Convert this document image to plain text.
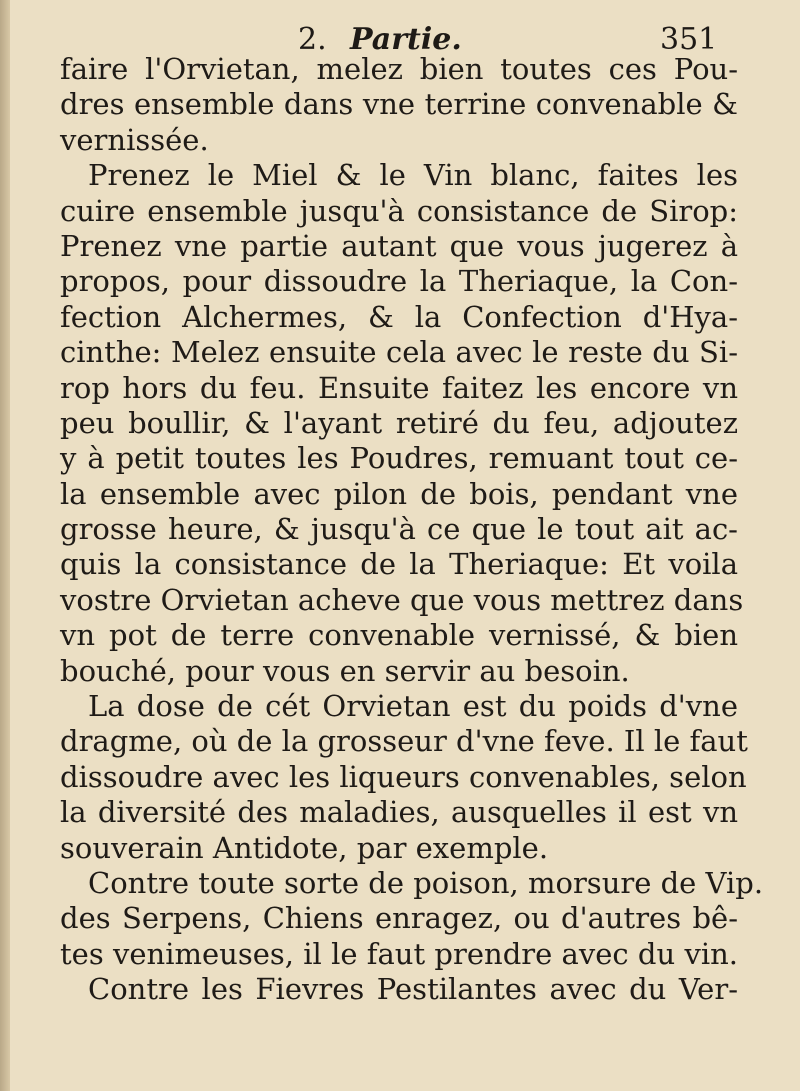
2. Partie.	351
faire l'Orvietan, melez bien toutes ces Pou-
dres ensemble dans vne terrine convenable &
vernissée.
Prenez le Miel & le Vin blanc, faites les
cuire ensemble jusqu'à consistance de Sirop:
Prenez vne partie autant que vous jugerez à
propos, pour dissoudre la Theriaque, la Con-
fection Alchermes, & la Confection d'Hya-
cinthe: Melez ensuite cela avec le reste du Si-
rop hors du feu. Ensuite faitez les encore vn
peu boullir, & l'ayant retiré du feu, adjoutez
y à petit toutes les Poudres, remuant tout ce-
la ensemble avec pilon de bois, pendant vne
grosse heure, & jusqu'à ce que le tout ait ac-
quis la consistance de la Theriaque: Et voila
vostre Orvietan acheve que vous mettrez dans
vn pot de terre convenable vernissé, & bien
bouché, pour vous en servir au besoin.
La dose de cét Orvietan est du poids d'vne
dragme, où de la grosseur d'vne feve. Il le faut
dissoudre avec les liqueurs convenables, selon
la diversité des maladies, ausquelles il est vn
souverain Antidote, par exemple.
Contre toute sorte de poison, morsure de Vip.
des Serpens, Chiens enragez, ou d'autres bê-
tes venimeuses, il le faut prendre avec du vin.
Contre les Fievres Pestilantes avec du Ver-
